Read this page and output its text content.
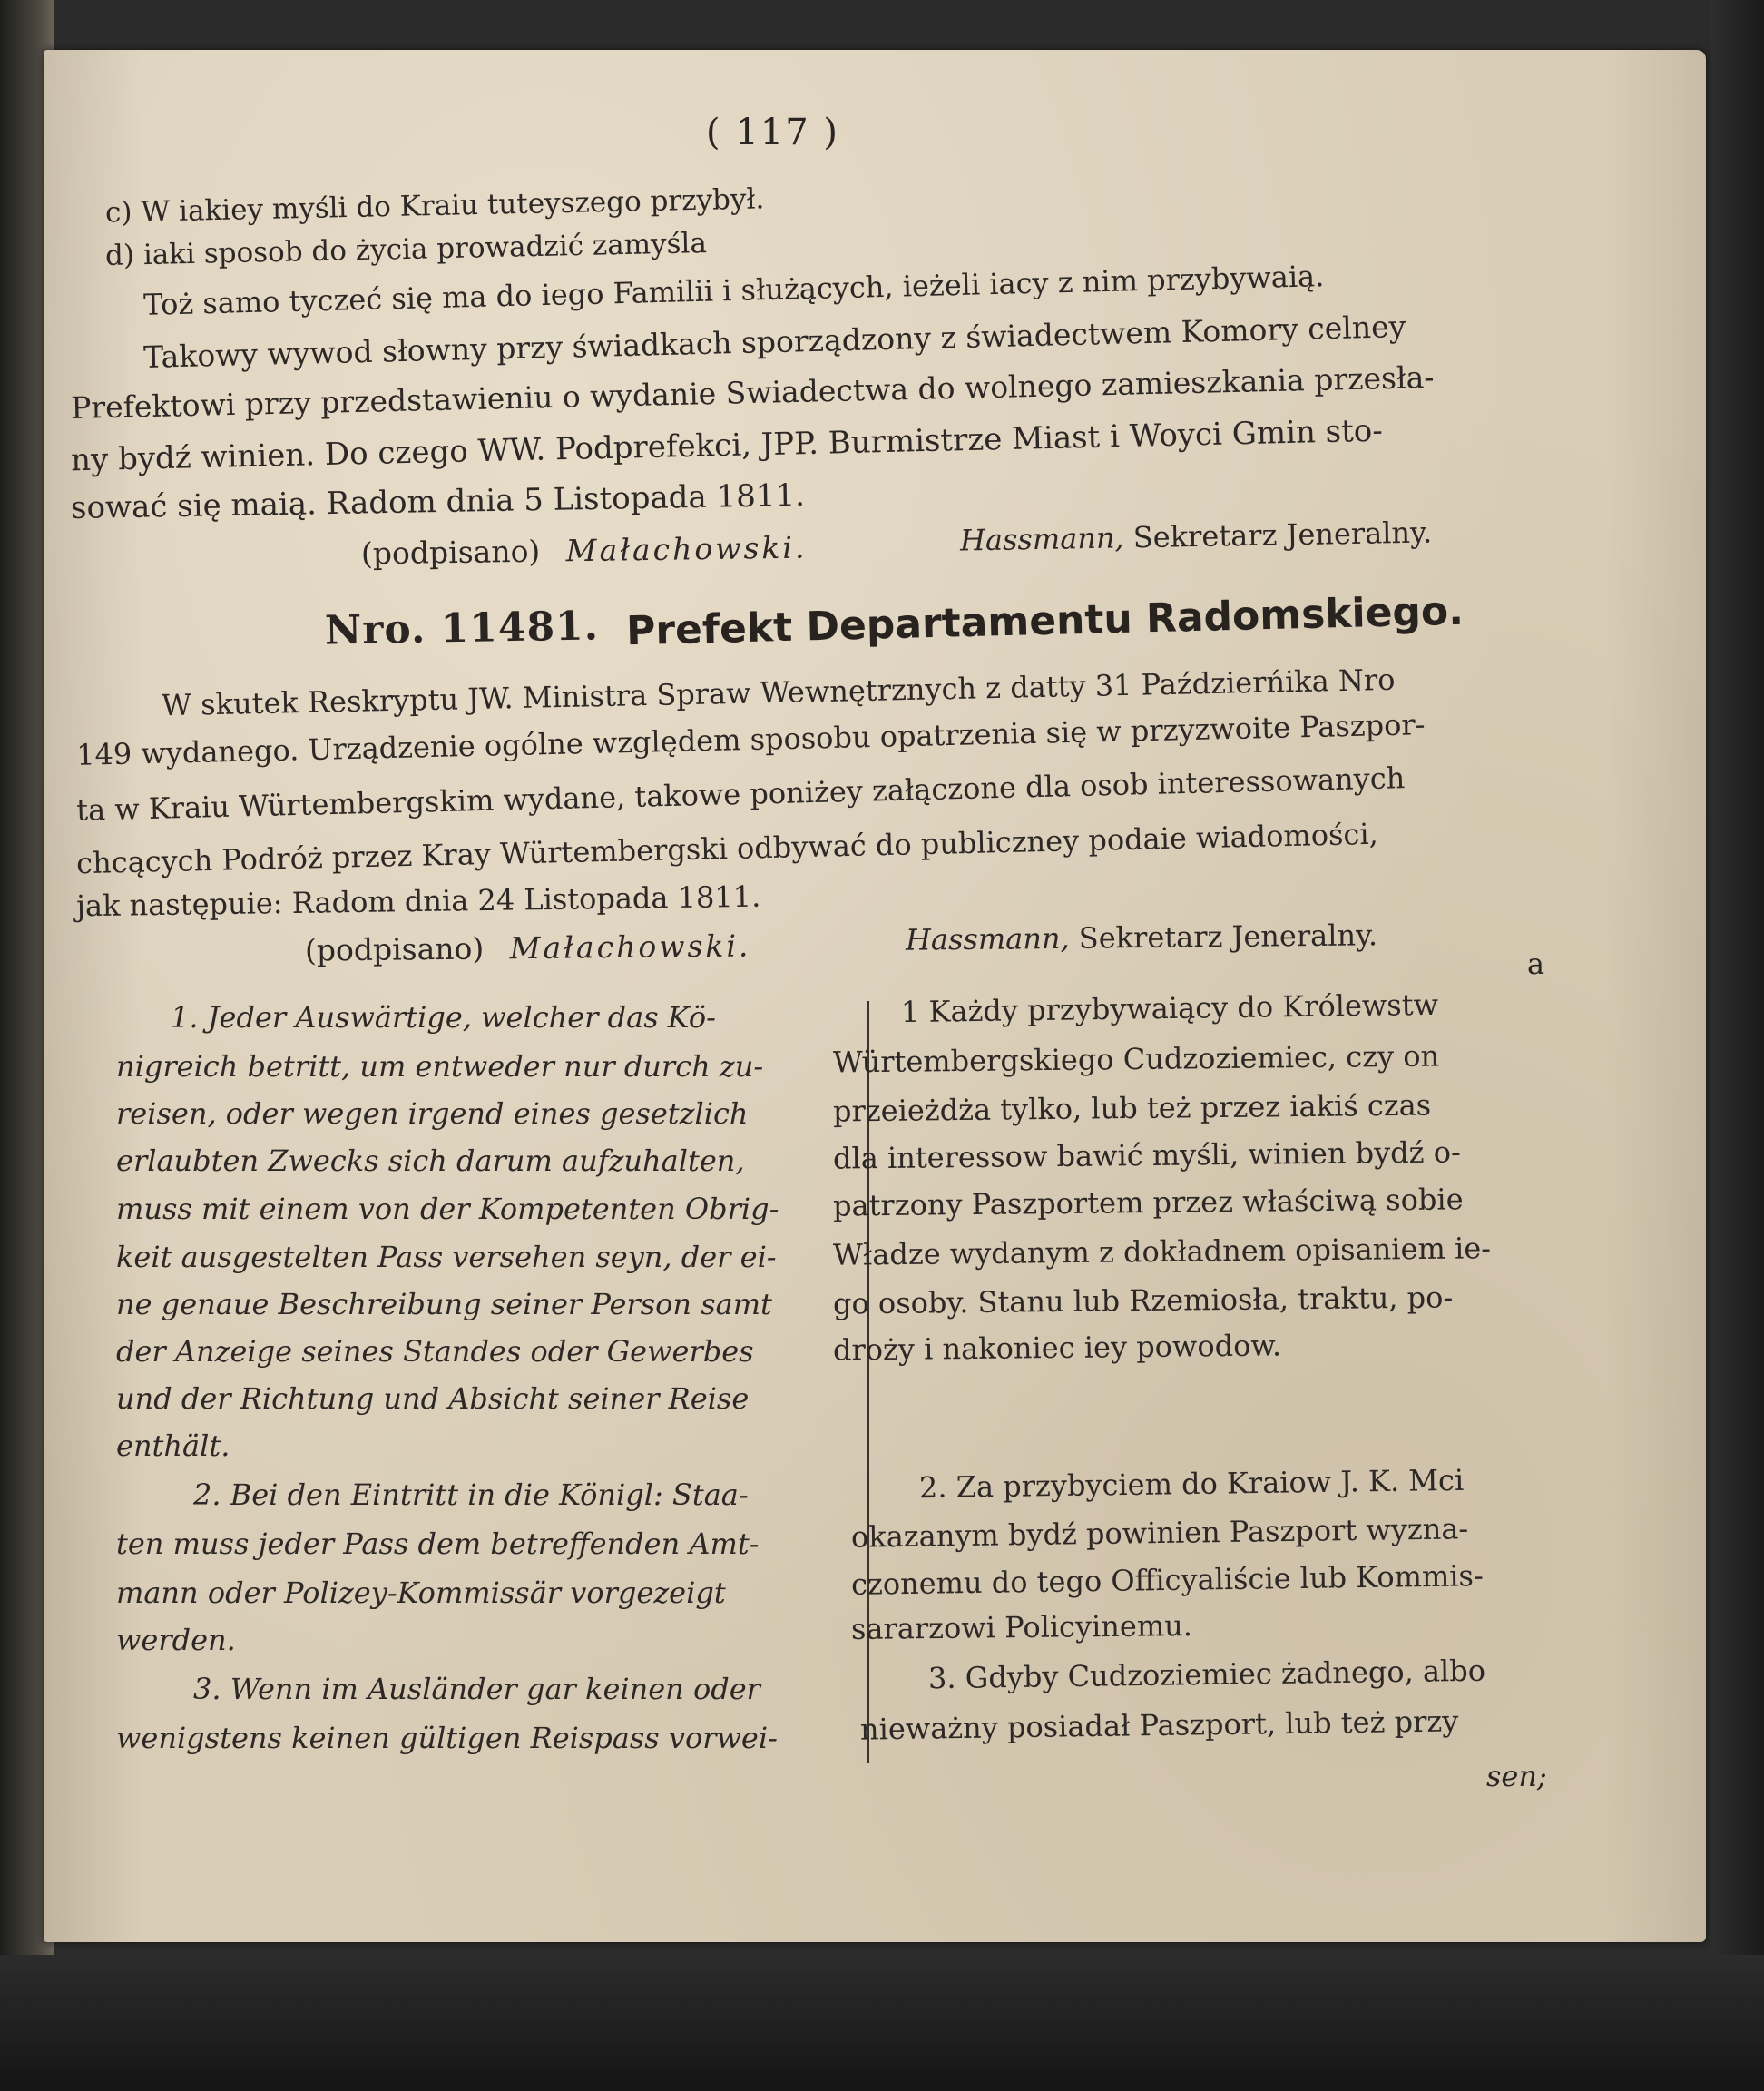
( 117 )
c) W iakiey myśli do Kraiu tuteyszego przybył.
d) iaki sposob do życia prowadzić zamyśla
Toż samo tyczeć się ma do iego Familii i służących, ieżeli iacy z nim przybywaią.
Takowy wywod słowny przy świadkach sporządzony z świadectwem Komory celney
Prefektowi przy przedstawieniu o wydanie Swiadectwa do wolnego zamieszkania przesła-
ny bydź winien. Do czego WW. Podprefekci, JPP. Burmistrze Miast i Woyci Gmin sto-
sować się maią. Radom dnia 5 Listopada 1811.
(podpisano) Małachowski.	Hassmann, Sekretarz Jeneralny.
Nro. 11481. Prefekt Departamentu Radomskiego.
W skutek Reskryptu JW. Ministra Spraw Wewnętrznych z datty 31 Paździerńika Nro
149 wydanego. Urządzenie ogólne względem sposobu opatrzenia się w przyzwoite Paszpor-
ta w Kraiu Würtembergskim wydane, takowe poniżey załączone dla osob interessowanych
chcących Podróż przez Kray Würtembergski odbywać do publiczney podaie wiadomości,
jak następuie: Radom dnia 24 Listopada 1811.
(podpisano) Małachowski.	Hassmann, Sekretarz Jeneralny.
a
1. Jeder Auswärtige, welcher das Kö-
nigreich betritt, um entweder nur durch zu-
reisen, oder wegen irgend eines gesetzlich
erlaubten Zwecks sich darum aufzuhalten,
muss mit einem von der Kompetenten Obrig-
keit ausgestelten Pass versehen seyn, der ei-
ne genaue Beschreibung seiner Person samt
der Anzeige seines Standes oder Gewerbes
und der Richtung und Absicht seiner Reise
enthält.
2. Bei den Eintritt in die Königl: Staa-
ten muss jeder Pass dem betreffenden Amt-
mann oder Polizey-Kommissär vorgezeigt
werden.
3. Wenn im Ausländer gar keinen oder
wenigstens keinen gültigen Reispass vorwei-
1 Każdy przybywaiący do Królewstw
Würtembergskiego Cudzoziemiec, czy on
przeieżdża tylko, lub też przez iakiś czas
dla interessow bawić myśli, winien bydź o-
patrzony Paszportem przez właściwą sobie
Władze wydanym z dokładnem opisaniem ie-
go osoby. Stanu lub Rzemiosła, traktu, po-
droży i nakoniec iey powodow.
2. Za przybyciem do Kraiow J. K. Mci
okazanym bydź powinien Paszport wyzna-
czonemu do tego Officyaliście lub Kommis-
sararzowi Policyinemu.
3. Gdyby Cudzoziemiec żadnego, albo
nieważny posiadał Paszport, lub też przy
sen;
